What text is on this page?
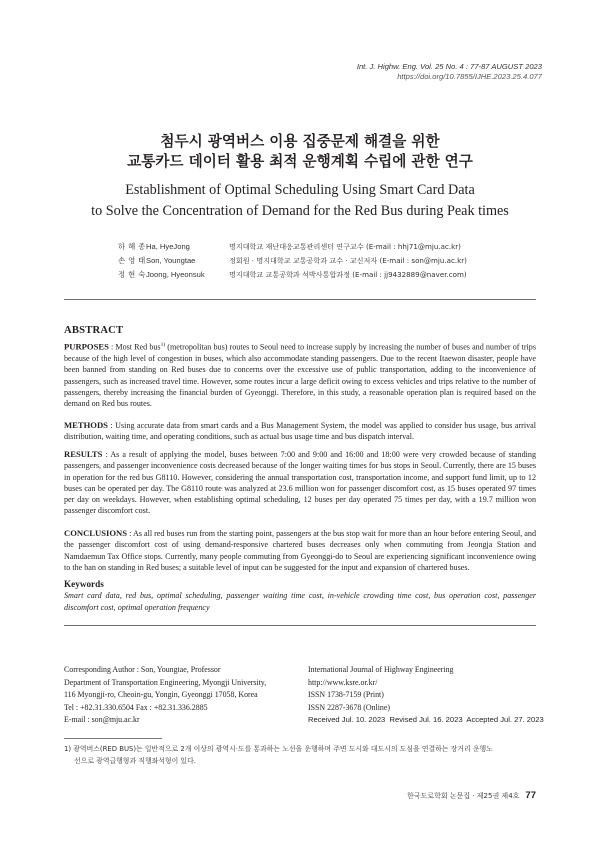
Int. J. Highw. Eng. Vol. 25 No. 4 : 77-87 AUGUST 2023
https://doi.org/10.7855/IJHE.2023.25.4.077
첨두시 광역버스 이용 집중문제 해결을 위한
교통카드 데이터 활용 최적 운행계획 수립에 관한 연구
Establishment of Optimal Scheduling Using Smart Card Data
to Solve the Concentration of Demand for the Red Bus during Peak times
하 혜 종 Ha, HyeJong	명지대학교 재난대응교통관리센터 연구교수 (E-mail : hhj71@mju.ac.kr)
손 영 태 Son, Youngtae	정회원 · 명지대학교 교통공학과 교수 · 교신저자 (E-mail : son@mju.ac.kr)
정 현 숙 Joong, Hyeonsuk	명지대학교 교통공학과 석박사통합과정 (E-mail : jj9432889@naver.com)
ABSTRACT
PURPOSES : Most Red bus$^{1)}$ (metropolitan bus) routes to Seoul need to increase supply by increasing the number of buses and number of trips because of the high level of congestion in buses, which also accommodate standing passengers. Due to the recent Itaewon disaster, people have been banned from standing on Red buses due to concerns over the excessive use of public transportation, adding to the inconvenience of passengers, such as increased travel time. However, some routes incur a large deficit owing to excess vehicles and trips relative to the number of passengers, thereby increasing the financial burden of Gyeonggi. Therefore, in this study, a reasonable operation plan is required based on the demand on Red bus routes.
METHODS : Using accurate data from smart cards and a Bus Management System, the model was applied to consider bus usage, bus arrival distribution, waiting time, and operating conditions, such as actual bus usage time and bus dispatch interval.
RESULTS : As a result of applying the model, buses between 7:00 and 9:00 and 16:00 and 18:00 were very crowded because of standing passengers, and passenger inconvenience costs decreased because of the longer waiting times for bus stops in Seoul. Currently, there are 15 buses in operation for the red bus G8110. However, considering the annual transportation cost, transportation income, and support fund limit, up to 12 buses can be operated per day. The G8110 route was analyzed at 23.6 million won for passenger discomfort cost, as 15 buses operated 97 times per day on weekdays. However, when establishing optimal scheduling, 12 buses per day operated 75 times per day, with a 19.7 million won passenger discomfort cost.
CONCLUSIONS : As all red buses run from the starting point, passengers at the bus stop wait for more than an hour before entering Seoul, and the passenger discomfort cost of using demand-responsive chartered buses decreases only when commuting from Jeongja Station and Namdaemun Tax Office stops. Currently, many people commuting from Gyeonggi-do to Seoul are experiencing significant inconvenience owing to the ban on standing in Red buses; a suitable level of input can be suggested for the input and expansion of chartered buses.
Keywords
Smart card data, red bus, optimal scheduling, passenger waiting time cost, in-vehicle crowding time cost, bus operation cost, passenger discomfort cost, optimal operation frequency
Corresponding Author : Son, Youngtae, Professor
Department of Transportation Engineering, Myongji University,
116 Myongji-ro, Cheoin-gu, Yongin, Gyeonggi 17058, Korea
Tel : +82.31.330.6504 Fax : +82.31.336.2885
E-mail : son@mju.ac.kr
International Journal of Highway Engineering
http://www.ksre.or.kr/
ISSN 1738-7159 (Print)
ISSN 2287-3678 (Online)
Received Jul. 10. 2023 Revised Jul. 16. 2023 Accepted Jul. 27. 2023
1) 광역버스(RED BUS)는 일반적으로 2개 이상의 광역시·도를 통과하는 노선을 운행하며 주변 도시와 대도시의 도심을 연결하는 장거리 운행노
선으로 광역급행형과 직행좌석형이 있다.
한국도로학회 논문집 · 제25권 제4호 77
